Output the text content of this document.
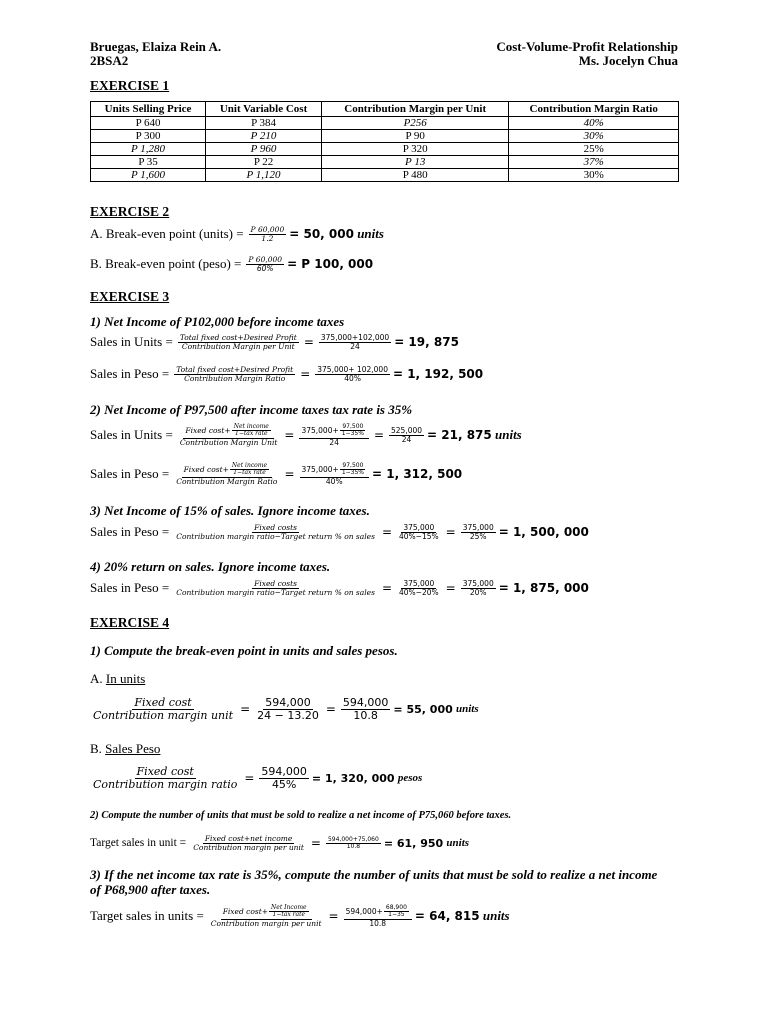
Bruegas, Elaiza Rein A.
2BSA2
Cost-Volume-Profit Relationship
Ms. Jocelyn Chua
EXERCISE 1
Units Selling Price	Unit Variable Cost	Contribution Margin per Unit	Contribution Margin Ratio
P 640	P 384	P256	40%
P 300	P 210	P 90	30%
P 1,280	P 960	P 320	25%
P 35	P 22	P 13	37%
P 1,600	P 1,120	P 480	30%
EXERCISE 2
A. Break-even point (units) = $\frac{P 60,000}{1.2} = 50$, 000
units
B. Break-even point (peso) = $\frac{P 60,000}{60\%} = P$ 100, 000
EXERCISE 3
1) Net Income of P102,000 before income taxes
Sales in Units = $\frac{\text{Total fixed cost+Desired Profit}}{\text{Contribution Margin per Unit}} = \frac{375,000+102,000}{24} = 19$, 875
Sales in Peso = $\frac{\text{Total fixed cost+Desired Profit}}{\text{Contribution Margin Ratio}} = \frac{375,000+ 102,000}{40\%} = 1$, 192, 500
2) Net Income of P97,500 after income taxes tax rate is 35%
Sales in Units = Fixed cost+ Net income
1−tax rate
Contribution Margin Unit = $\frac{375,000+ \frac{97,500}{1-35\%}}{24} = \frac{525,000}{24} = 21$, 875
units
Sales in Peso = Fixed cost+ Net income
1−tax rate
Contribution Margin Ratio = $\frac{375,000+ \frac{97,500}{1-35\%}}{40\%} = 1$, 312, 500
3) Net Income of 15% of sales. Ignore income taxes.
Sales in Peso = $\frac{\text{Fixed costs}}{\text{Contribution margin ratio−Target return \% on sales}} = \frac{375,000}{40\%-15\%} = \frac{375,000}{25\%} = 1$, 500, 000
4) 20% return on sales. Ignore income taxes.
Sales in Peso = $\frac{\text{Fixed costs}}{\text{Contribution margin ratio−Target return \% on sales}} = \frac{375,000}{40\%-20\%} = \frac{375,000}{20\%} = 1$, 875, 000
EXERCISE 4
1) Compute the break-even point in units and sales pesos.
A. In units
$\frac{\text{Fixed cost}}{\text{Contribution margin unit}} = \frac{594,000}{24 - 13.20} = \frac{594,000}{10.8} = 55$, 000
units
B. Sales Peso
$\frac{\text{Fixed cost}}{\text{Contribution margin ratio}} = \frac{594,000}{45\%} = 1$, 320, 000
pesos
2) Compute the number of units that must be sold to realize a net income of P75,060 before taxes.
Target sales in unit = $\frac{\text{Fixed cost+net income}}{\text{Contribution margin per unit}} = \frac{594,000+75,060}{10.8} = 61$, 950
units
3) If the net income tax rate is 35%, compute the number of units that must be sold to realize a net income
of P68,900 after taxes.
Target sales in units = Fixed cost+ Net Income
1−tax rate
Contribution margin per unit = $\frac{594,000+ \frac{68,900}{1-35}}{10.8} = 64$, 815
units
